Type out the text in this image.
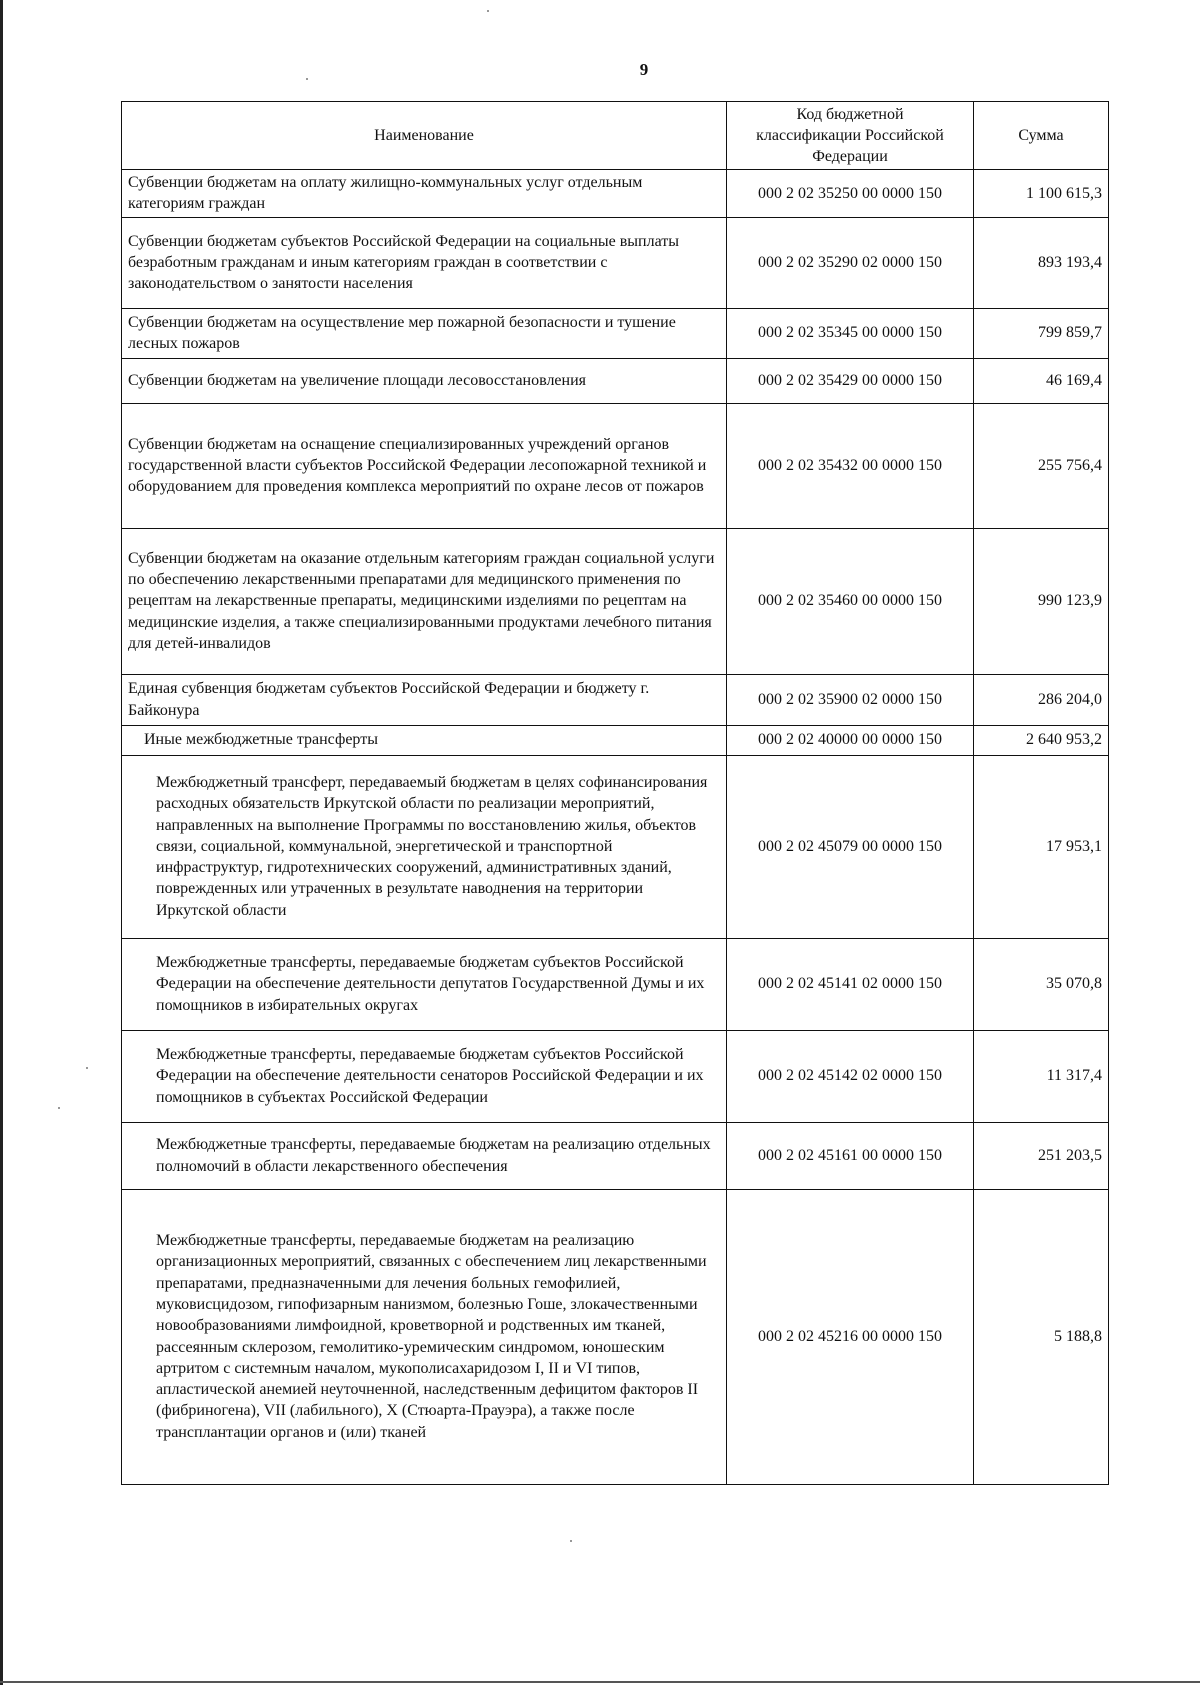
9
Наименование	Код бюджетной классификации Российской Федерации	Сумма
Субвенции бюджетам на оплату жилищно-коммунальных услуг отдельным категориям граждан	000 2 02 35250 00 0000 150	1 100 615,3
Субвенции бюджетам субъектов Российской Федерации на социальные выплаты безработным гражданам и иным категориям граждан в соответствии с законодательством о занятости населения	000 2 02 35290 02 0000 150	893 193,4
Субвенции бюджетам на осуществление мер пожарной безопасности и тушение лесных пожаров	000 2 02 35345 00 0000 150	799 859,7
Субвенции бюджетам на увеличение площади лесовосстановления	000 2 02 35429 00 0000 150	46 169,4
Субвенции бюджетам на оснащение специализированных учреждений органов государственной власти субъектов Российской Федерации лесопожарной техникой и оборудованием для проведения комплекса мероприятий по охране лесов от пожаров	000 2 02 35432 00 0000 150	255 756,4
Субвенции бюджетам на оказание отдельным категориям граждан социальной услуги по обеспечению лекарственными препаратами для медицинского применения по рецептам на лекарственные препараты, медицинскими изделиями по рецептам на медицинские изделия, а также специализированными продуктами лечебного питания для детей-инвалидов	000 2 02 35460 00 0000 150	990 123,9
Единая субвенция бюджетам субъектов Российской Федерации и бюджету г. Байконура	000 2 02 35900 02 0000 150	286 204,0
Иные межбюджетные трансферты	000 2 02 40000 00 0000 150	2 640 953,2
Межбюджетный трансферт, передаваемый бюджетам в целях софинансирования расходных обязательств Иркутской области по реализации мероприятий, направленных на выполнение Программы по восстановлению жилья, объектов связи, социальной, коммунальной, энергетической и транспортной инфраструктур, гидротехнических сооружений, административных зданий, поврежденных или утраченных в результате наводнения на территории Иркутской области	000 2 02 45079 00 0000 150	17 953,1
Межбюджетные трансферты, передаваемые бюджетам субъектов Российской Федерации на обеспечение деятельности депутатов Государственной Думы и их помощников в избирательных округах	000 2 02 45141 02 0000 150	35 070,8
Межбюджетные трансферты, передаваемые бюджетам субъектов Российской Федерации на обеспечение деятельности сенаторов Российской Федерации и их помощников в субъектах Российской Федерации	000 2 02 45142 02 0000 150	11 317,4
Межбюджетные трансферты, передаваемые бюджетам на реализацию отдельных полномочий в области лекарственного обеспечения	000 2 02 45161 00 0000 150	251 203,5
Межбюджетные трансферты, передаваемые бюджетам на реализацию организационных мероприятий, связанных с обеспечением лиц лекарственными препаратами, предназначенными для лечения больных гемофилией, муковисцидозом, гипофизарным нанизмом, болезнью Гоше, злокачественными новообразованиями лимфоидной, кроветворной и родственных им тканей, рассеянным склерозом, гемолитико-уремическим синдромом, юношеским артритом с системным началом, мукополисахаридозом I, II и VI типов, апластической анемией неуточненной, наследственным дефицитом факторов II (фибриногена), VII (лабильного), X (Стюарта-Прауэра), а также после трансплантации органов и (или) тканей	000 2 02 45216 00 0000 150	5 188,8
